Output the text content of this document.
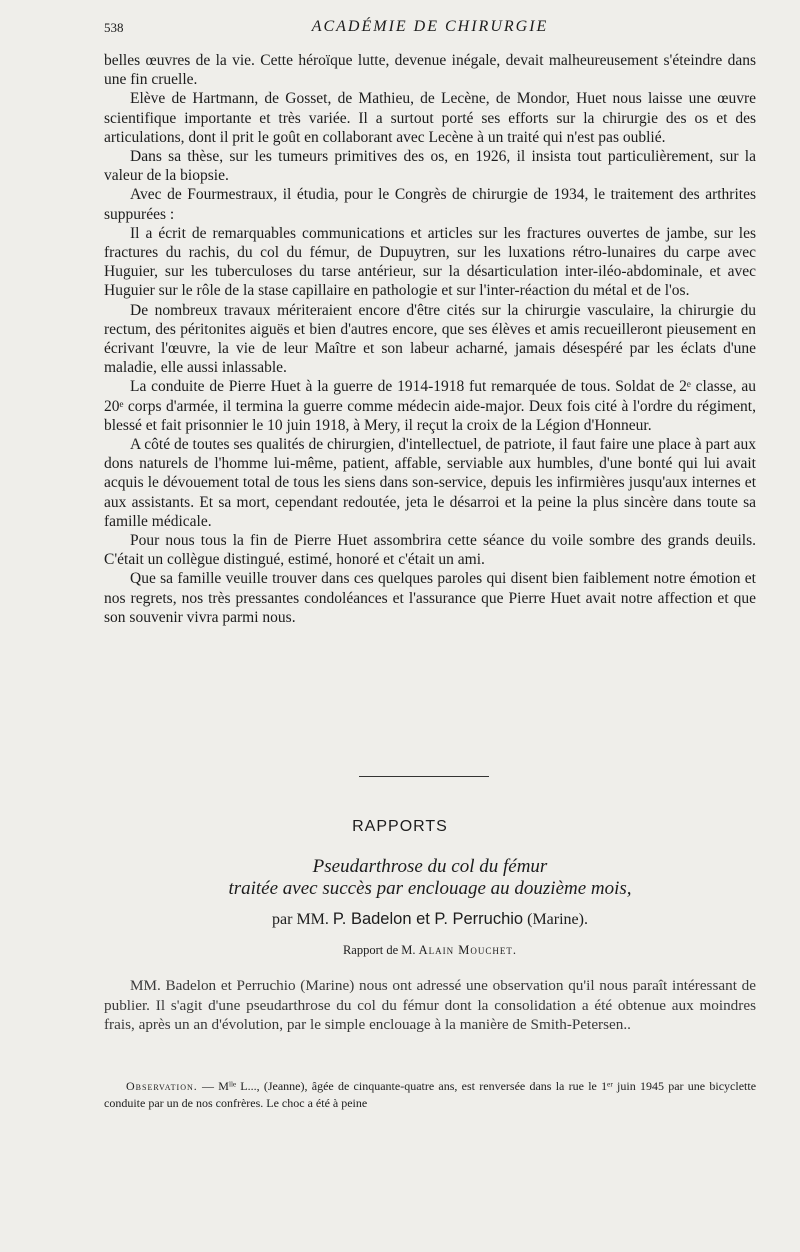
538	ACADÉMIE DE CHIRURGIE

belles œuvres de la vie. Cette héroïque lutte, devenue inégale, devait malheureusement s'éteindre dans une fin cruelle.

Elève de Hartmann, de Gosset, de Mathieu, de Lecène, de Mondor, Huet nous laisse une œuvre scientifique importante et très variée. Il a surtout porté ses efforts sur la chirurgie des os et des articulations, dont il prit le goût en collaborant avec Lecène à un traité qui n'est pas oublié.

Dans sa thèse, sur les tumeurs primitives des os, en 1926, il insista tout particulièrement, sur la valeur de la biopsie.

Avec de Fourmestraux, il étudia, pour le Congrès de chirurgie de 1934, le traitement des arthrites suppurées :

Il a écrit de remarquables communications et articles sur les fractures ouvertes de jambe, sur les fractures du rachis, du col du fémur, de Dupuytren, sur les luxations rétro-lunaires du carpe avec Huguier, sur les tuberculoses du tarse antérieur, sur la désarticulation inter-iléo-abdominale, et avec Huguier sur le rôle de la stase capillaire en pathologie et sur l'inter-réaction du métal et de l'os.

De nombreux travaux mériteraient encore d'être cités sur la chirurgie vasculaire, la chirurgie du rectum, des péritonites aiguës et bien d'autres encore, que ses élèves et amis recueilleront pieusement en écrivant l'œuvre, la vie de leur Maître et son labeur acharné, jamais désespéré par les éclats d'une maladie, elle aussi inlassable.

La conduite de Pierre Huet à la guerre de 1914-1918 fut remarquée de tous. Soldat de 2ᵉ classe, au 20ᵉ corps d'armée, il termina la guerre comme médecin aide-major. Deux fois cité à l'ordre du régiment, blessé et fait prisonnier le 10 juin 1918, à Mery, il reçut la croix de la Légion d'Honneur.

A côté de toutes ses qualités de chirurgien, d'intellectuel, de patriote, il faut faire une place à part aux dons naturels de l'homme lui-même, patient, affable, serviable aux humbles, d'une bonté qui lui avait acquis le dévouement total de tous les siens dans son-service, depuis les infirmières jusqu'aux internes et aux assistants. Et sa mort, cependant redoutée, jeta le désarroi et la peine la plus sincère dans toute sa famille médicale.

Pour nous tous la fin de Pierre Huet assombrira cette séance du voile sombre des grands deuils. C'était un collègue distingué, estimé, honoré et c'était un ami.

Que sa famille veuille trouver dans ces quelques paroles qui disent bien faiblement notre émotion et nos regrets, nos très pressantes condoléances et l'assurance que Pierre Huet avait notre affection et que son souvenir vivra parmi nous.

RAPPORTS
Pseudarthrose du col du fémur
traitée avec succès par enclouage au douzième mois,
par MM. P. Badelon et P. Perruchio (Marine).
Rapport de M. Alain Mouchet.

MM. Badelon et Perruchio (Marine) nous ont adressé une observation qu'il nous paraît intéressant de publier. Il s'agit d'une pseudarthrose du col du fémur dont la consolidation a été obtenue aux moindres frais, après un an d'évolution, par le simple enclouage à la manière de Smith-Petersen..

Observation. — Mˡˡᵉ L..., (Jeanne), âgée de cinquante-quatre ans, est renversée dans la rue le 1ᵉʳ juin 1945 par une bicyclette conduite par un de nos confrères. Le choc a été à peine
